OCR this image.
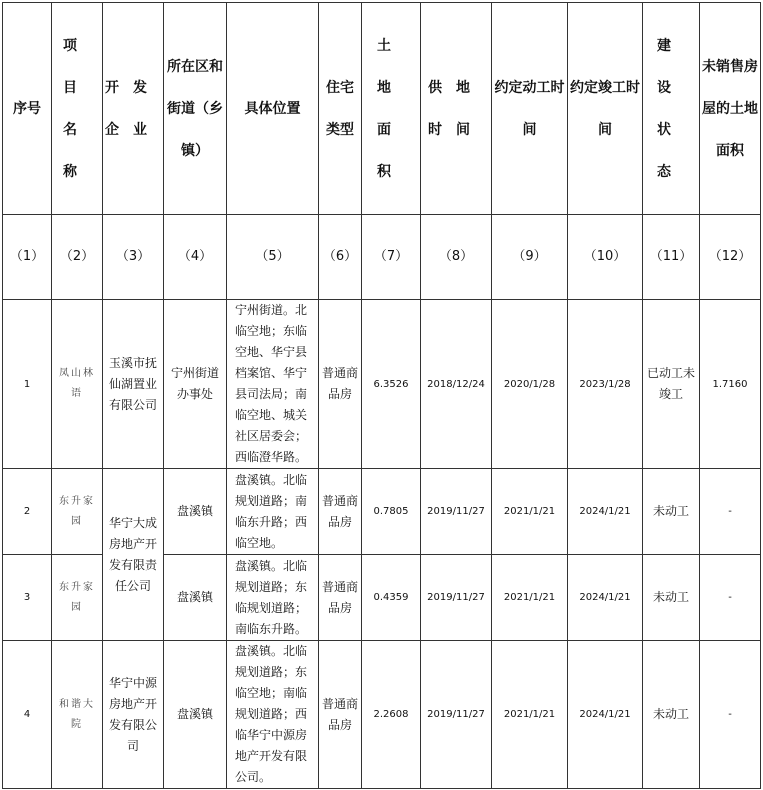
序号	项目名称	开发企业	所在区和街道（乡镇）	具体位置	住宅类型	土地面积	供地时间	约定动工时间	约定竣工时间	建设状态	未销售房屋的土地面积
（1）	（2）	（3）	（4）	（5）	（6）	（7）	（8）	（9）	（10）	（11）	（12）
1	凤山林语	玉溪市抚仙湖置业有限公司	宁州街道办事处	宁州街道。北临空地；东临空地、华宁县档案馆、华宁县司法局；南临空地、城关社区居委会；西临澄华路。	普通商品房	6.3526	2018/12/24	2020/1/28	2023/1/28	已动工未竣工	1.7160
2	东升家园	华宁大成房地产开发有限责任公司	盘溪镇	盘溪镇。北临规划道路；南临东升路；西临空地。	普通商品房	0.7805	2019/11/27	2021/1/21	2024/1/21	未动工	-
3	东升家园		盘溪镇	盘溪镇。北临规划道路；东临规划道路；南临东升路。	普通商品房	0.4359	2019/11/27	2021/1/21	2024/1/21	未动工	-
4	和谐大院	华宁中源房地产开发有限公司	盘溪镇	盘溪镇。北临规划道路；东临空地；南临规划道路；西临华宁中源房地产开发有限公司。	普通商品房	2.2608	2019/11/27	2021/1/21	2024/1/21	未动工	-
